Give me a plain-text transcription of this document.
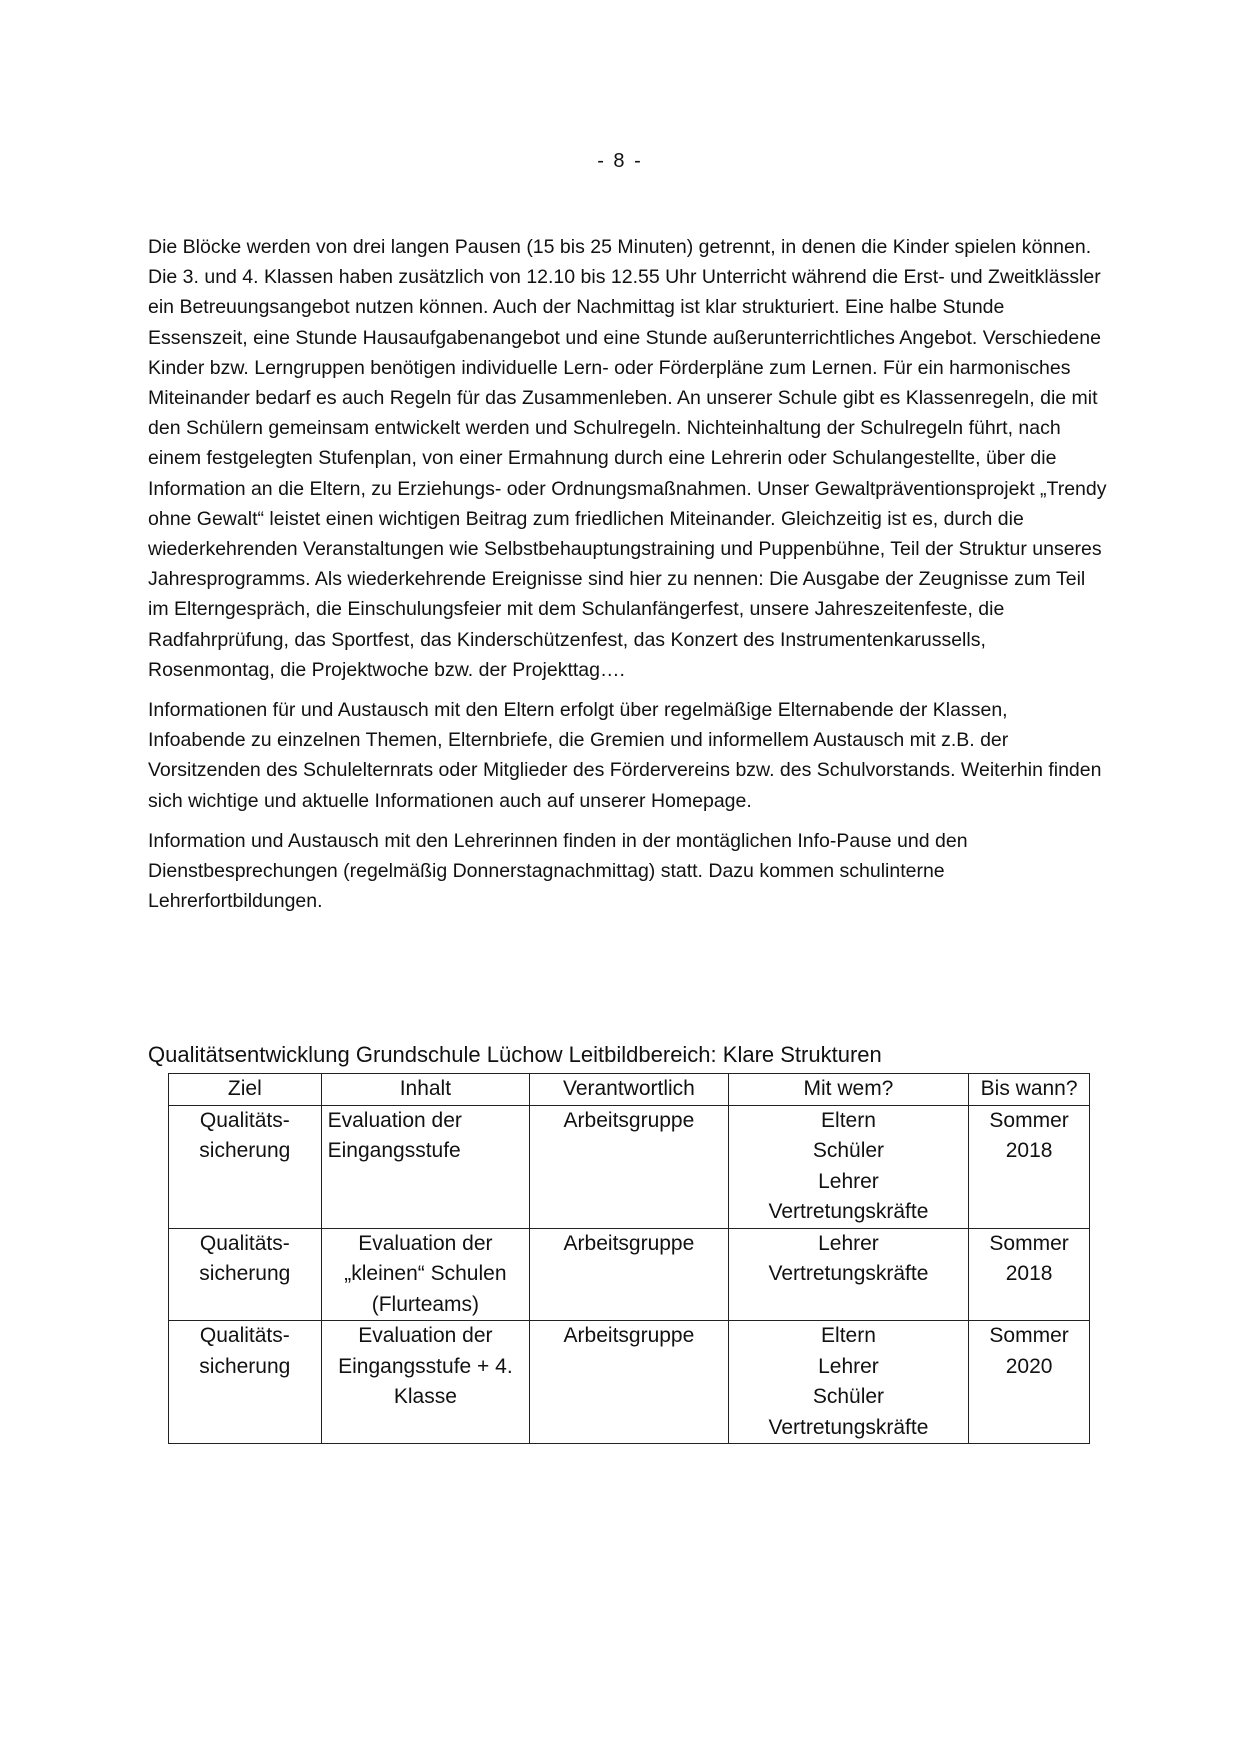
- 8 -

Die Blöcke werden von drei langen Pausen (15 bis 25 Minuten) getrennt, in denen die Kinder spielen können.

Die 3. und 4. Klassen haben zusätzlich von 12.10 bis 12.55 Uhr Unterricht während die Erst- und Zweitklässler ein Betreuungsangebot nutzen können. Auch der Nachmittag ist klar strukturiert. Eine halbe Stunde Essenszeit, eine Stunde Hausaufgabenangebot und eine Stunde außerunterrichtliches Angebot. Verschiedene Kinder bzw. Lerngruppen benötigen individuelle Lern- oder Förderpläne zum Lernen. Für ein harmonisches Miteinander bedarf es auch Regeln für das Zusammenleben. An unserer Schule gibt es Klassenregeln, die mit den Schülern gemeinsam entwickelt werden und Schulregeln. Nichteinhaltung der Schulregeln führt, nach einem festgelegten Stufenplan, von einer Ermahnung durch eine Lehrerin oder Schulangestellte, über die Information an die Eltern, zu Erziehungs- oder Ordnungsmaßnahmen. Unser Gewaltpräventionsprojekt „Trendy ohne Gewalt“ leistet einen wichtigen Beitrag zum friedlichen Miteinander. Gleichzeitig ist es, durch die wiederkehrenden Veranstaltungen wie Selbstbehauptungstraining und Puppenbühne, Teil der Struktur unseres Jahresprogramms. Als wiederkehrende Ereignisse sind hier zu nennen: Die Ausgabe der Zeugnisse zum Teil im Elterngespräch, die Einschulungsfeier mit dem Schulanfängerfest, unsere Jahreszeitenfeste, die Radfahrprüfung, das Sportfest, das Kinderschützenfest, das Konzert des Instrumentenkarussells, Rosenmontag, die Projektwoche bzw. der Projekttag….

Informationen für und Austausch mit den Eltern erfolgt über regelmäßige Elternabende der Klassen, Infoabende zu einzelnen Themen, Elternbriefe, die Gremien und informellem Austausch mit z.B. der Vorsitzenden des Schulelternrats oder Mitglieder des Fördervereins bzw. des Schulvorstands. Weiterhin finden sich wichtige und aktuelle Informationen auch auf unserer Homepage.

Information und Austausch mit den Lehrerinnen finden in der montäglichen Info-Pause und den Dienstbesprechungen (regelmäßig Donnerstagnachmittag) statt. Dazu kommen schulinterne Lehrerfortbildungen.

Qualitätsentwicklung Grundschule Lüchow Leitbildbereich: Klare Strukturen
Ziel	Inhalt	Verantwortlich	Mit wem?	Bis wann?

Qualitäts-
sicherung	Evaluation der
Eingangsstufe	Arbeitsgruppe	Eltern
Schüler
Lehrer
Vertretungskräfte	Sommer
2018

Qualitäts-
sicherung	Evaluation der
„kleinen“ Schulen
(Flurteams)	Arbeitsgruppe	Lehrer
Vertretungskräfte	Sommer
2018

Qualitäts-
sicherung	Evaluation der
Eingangsstufe + 4.
Klasse	Arbeitsgruppe	Eltern
Lehrer
Schüler
Vertretungskräfte	Sommer
2020
